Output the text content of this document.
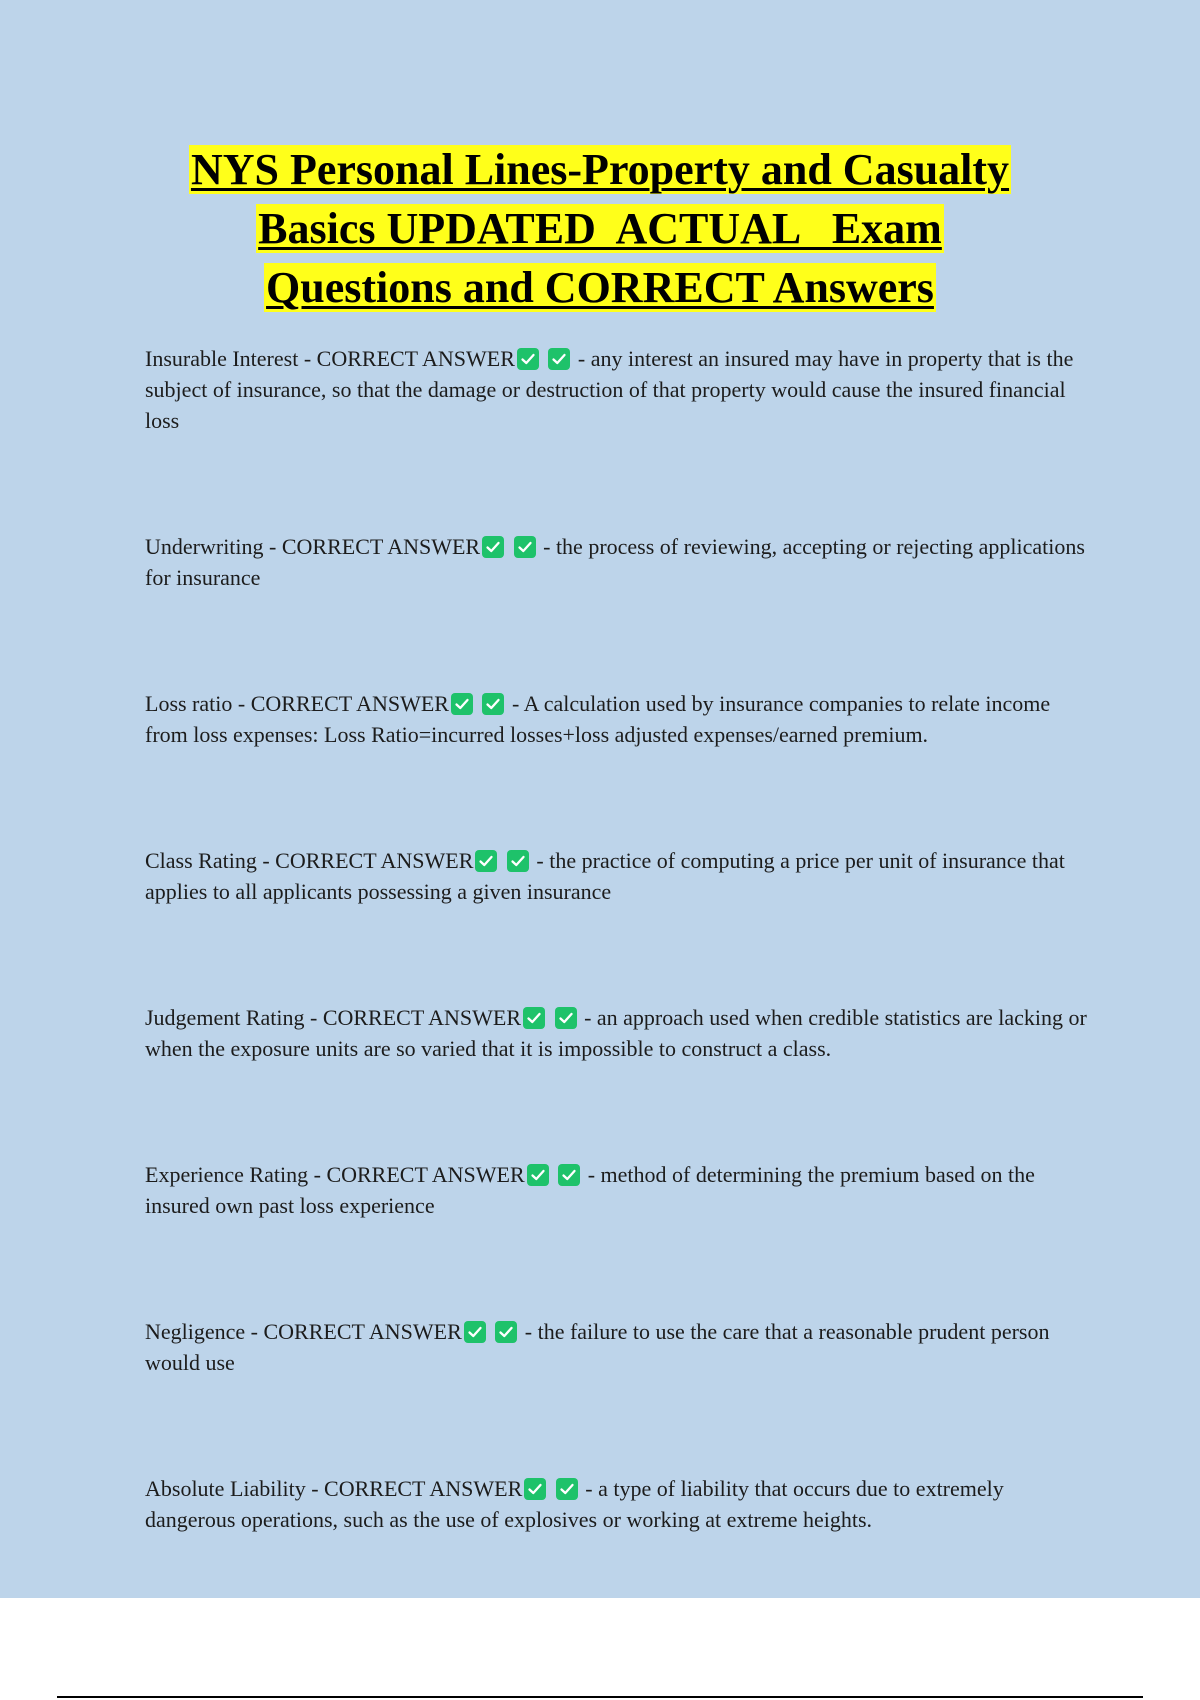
NYS Personal Lines-Property and Casualty
Basics UPDATED  ACTUAL   Exam
Questions and CORRECT Answers

Insurable Interest - CORRECT ANSWER
	- any interest an insured may have in property that is the subject of insurance, so that the damage or destruction of that property would cause the insured financial loss

Underwriting - CORRECT ANSWER
	- the process of reviewing, accepting or rejecting applications for insurance

Loss ratio - CORRECT ANSWER
	- A calculation used by insurance companies to relate income from loss expenses: Loss Ratio=incurred losses+loss adjusted expenses/earned premium.

Class Rating - CORRECT ANSWER
	- the practice of computing a price per unit of insurance that applies to all applicants possessing a given insurance

Judgement Rating - CORRECT ANSWER
	- an approach used when credible statistics are lacking or when the exposure units are so varied that it is impossible to construct a class.

Experience Rating - CORRECT ANSWER
	- method of determining the premium based on the insured own past loss experience

Negligence - CORRECT ANSWER
	- the failure to use the care that a reasonable prudent person would use

Absolute Liability - CORRECT ANSWER
	- a type of liability that occurs due to extremely dangerous operations, such as the use of explosives or working at extreme heights.
